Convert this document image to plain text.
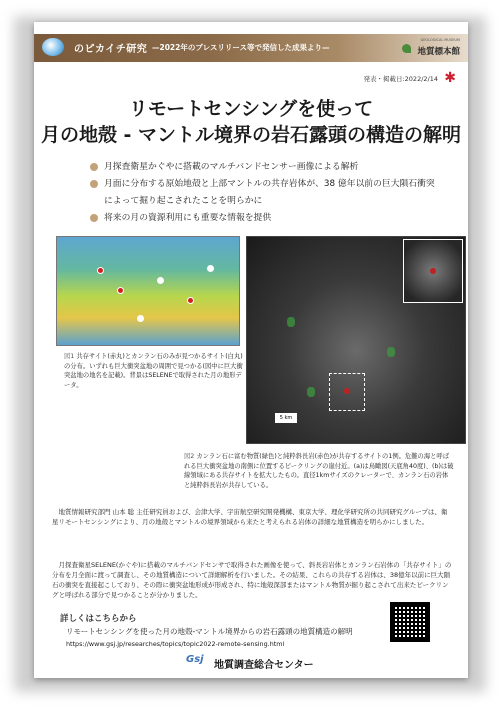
のピカイチ研究 —2022年のプレスリリース等で発信した成果より—
GEOLOGICAL MUSEUM
地質標本館
発表・掲載日:2022/2/14 ✱
リモートセンシングを使って
月の地殻 - マントル境界の岩石露頭の構造の解明
月探査衛星かぐやに搭載のマルチバンドセンサー画像による解析
月面に分布する原始地殻と上部マントルの共存岩体が、38 億年以前の巨大隕石衝突
によって掘り起こされたことを明らかに
将来の月の資源利用にも重要な情報を提供
図1 共存サイト(赤丸)とカンラン石のみが見つかるサイト(白丸)の分布。いずれも巨大衝突盆地の周囲で見つかる(図中に巨大衝突盆地の地名を記載)。背景はSELENEで取得された月の地形データ。
5 km
図2 カンラン石に富む物質(緑色)と純粋斜長岩(赤色)が共存するサイトの1例。危難の海と呼ばれる巨大衝突盆地の南側に位置するピークリングの崖付近。(a)は鳥瞰図(天底角40度)、(b)は破線領域にある共存サイトを拡大したもの。直径1kmサイズのクレーターで、カンラン石の岩体と純粋斜長岩が共存している。
地質情報研究部門 山本 聡 主任研究員および、会津大学、宇宙航空研究開発機構、東京大学、理化学研究所の共同研究グループは、衛星リモートセンシングにより、月の地殻とマントルの境界領域から来たと考えられる岩体の詳細な地質構造を明らかにしました。
月探査衛星SELENE(かぐや)に搭載のマルチバンドセンサで取得された画像を使って、斜長岩岩体とカンラン石岩体の「共存サイト」の分布を月全面に渡って調査し、その地質構造について詳細解析を行いました。その結果、これらの共存する岩体は、38億年以前に巨大隕石の衝突を直接起こしており、その際に衝突盆地形成が形成され、特に地殻深部またはマントル物質が掘り起こされて出来たピークリングと呼ばれる部分で見つかることが分かりました。
詳しくはこちらから
リモートセンシングを使った月の地殻-マントル境界からの岩石露頭の地質構造の解明
https://www.gsj.jp/researches/topics/topic2022-remote-sensing.html
Gsj
地質調査総合センター
